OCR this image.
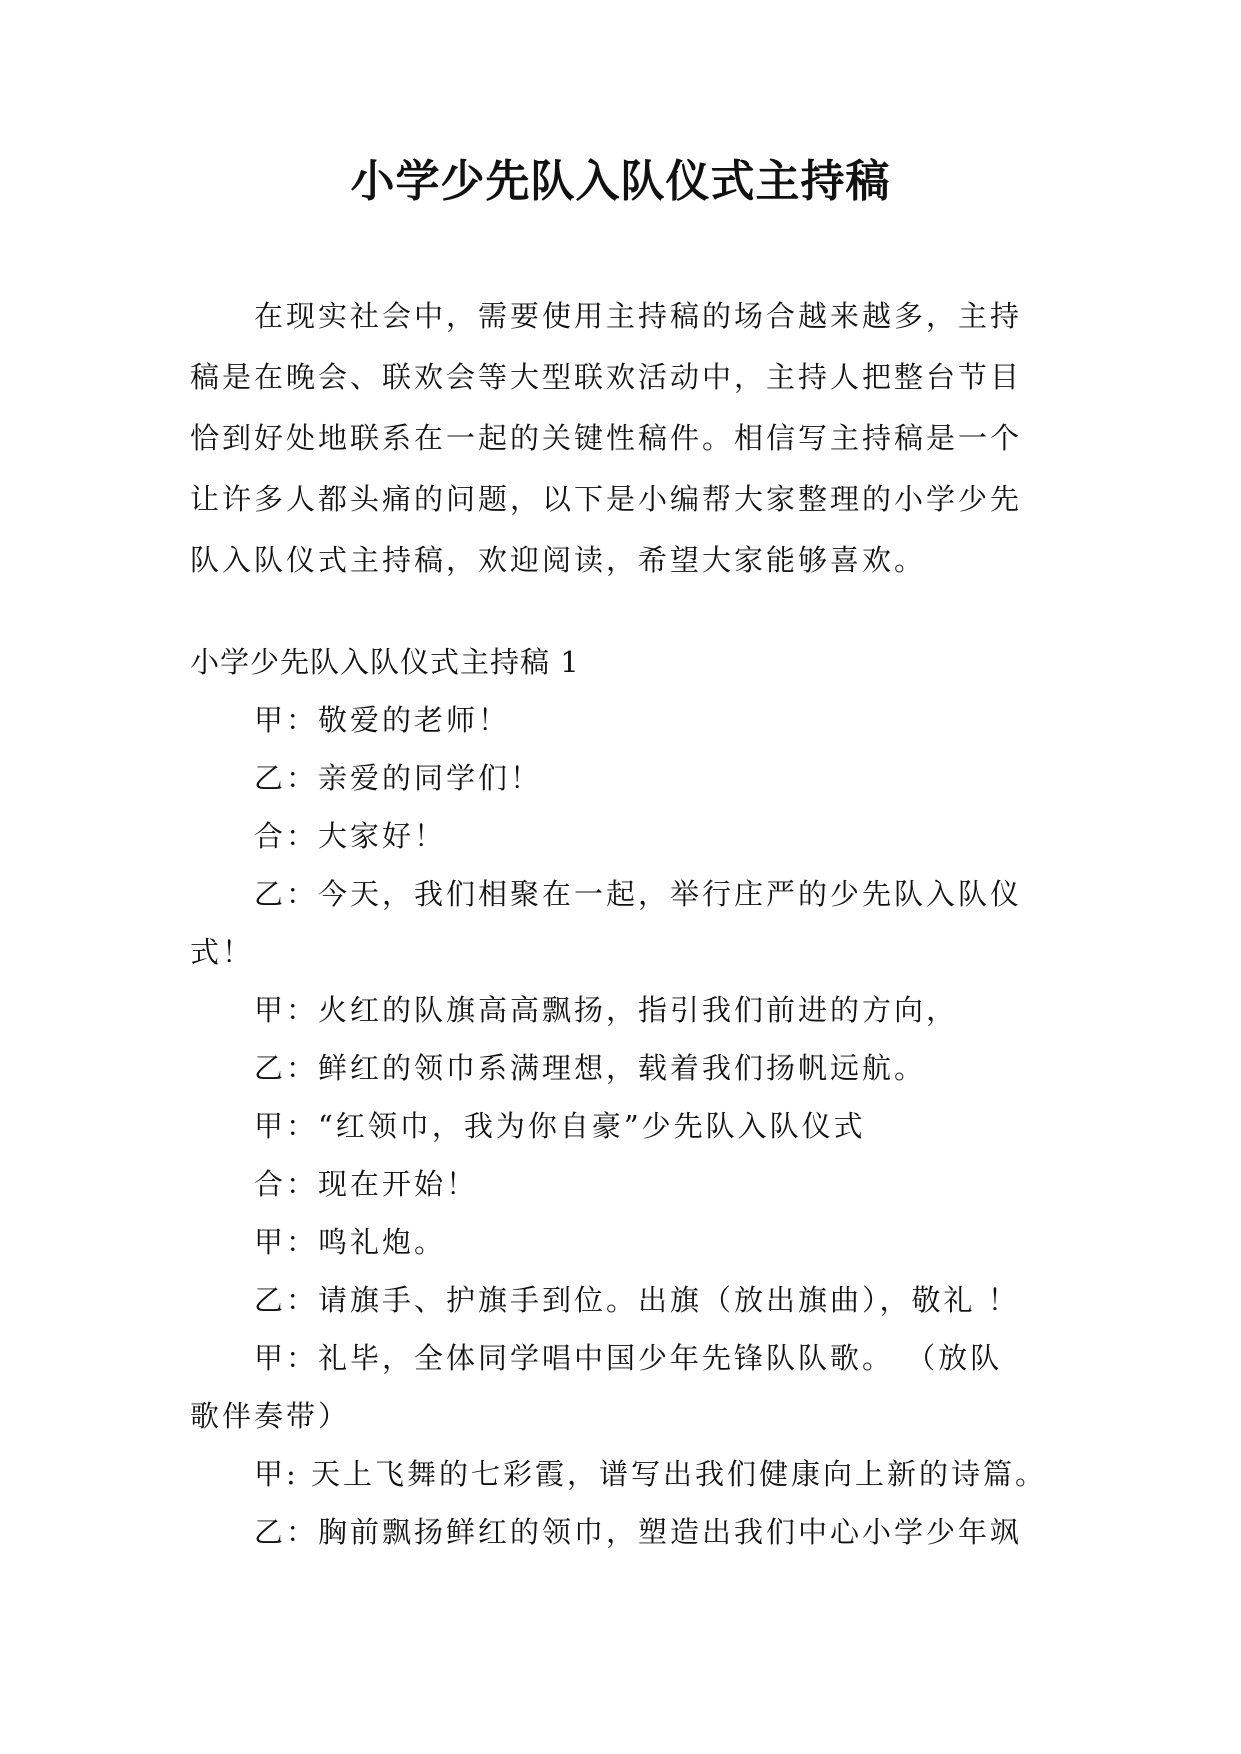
小学少先队入队仪式主持稿
在现实社会中，需要使用主持稿的场合越来越多，主持
稿是在晚会、联欢会等大型联欢活动中，主持人把整台节目
恰到好处地联系在一起的关键性稿件。相信写主持稿是一个
让许多人都头痛的问题，以下是小编帮大家整理的小学少先
队入队仪式主持稿，欢迎阅读，希望大家能够喜欢。
小学少先队入队仪式主持稿 1
甲：敬爱的老师！
乙：亲爱的同学们！
合：大家好！
乙：今天，我们相聚在一起，举行庄严的少先队入队仪
式！
甲：火红的队旗高高飘扬，指引我们前进的方向，
乙：鲜红的领巾系满理想，载着我们扬帆远航。
甲：“红领巾，我为你自豪”少先队入队仪式
合：现在开始！
甲：鸣礼炮。
乙：请旗手、护旗手到位。出旗（放出旗曲），敬礼 ！
甲：礼毕，全体同学唱中国少年先锋队队歌。 （放队
歌伴奏带）
甲: 天上飞舞的七彩霞，谱写出我们健康向上新的诗篇。
乙：胸前飘扬鲜红的领巾，塑造出我们中心小学少年飒
